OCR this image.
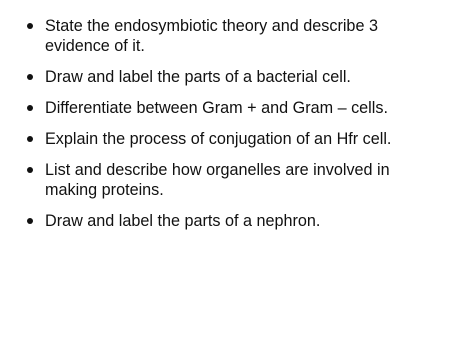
State the endosymbiotic theory and describe 3 evidence of it.
Draw and label the parts of a bacterial cell.
Differentiate between Gram + and Gram – cells.
Explain the process of conjugation of an Hfr cell.
List and describe how organelles are involved in making proteins.
Draw and label the parts of a nephron.
